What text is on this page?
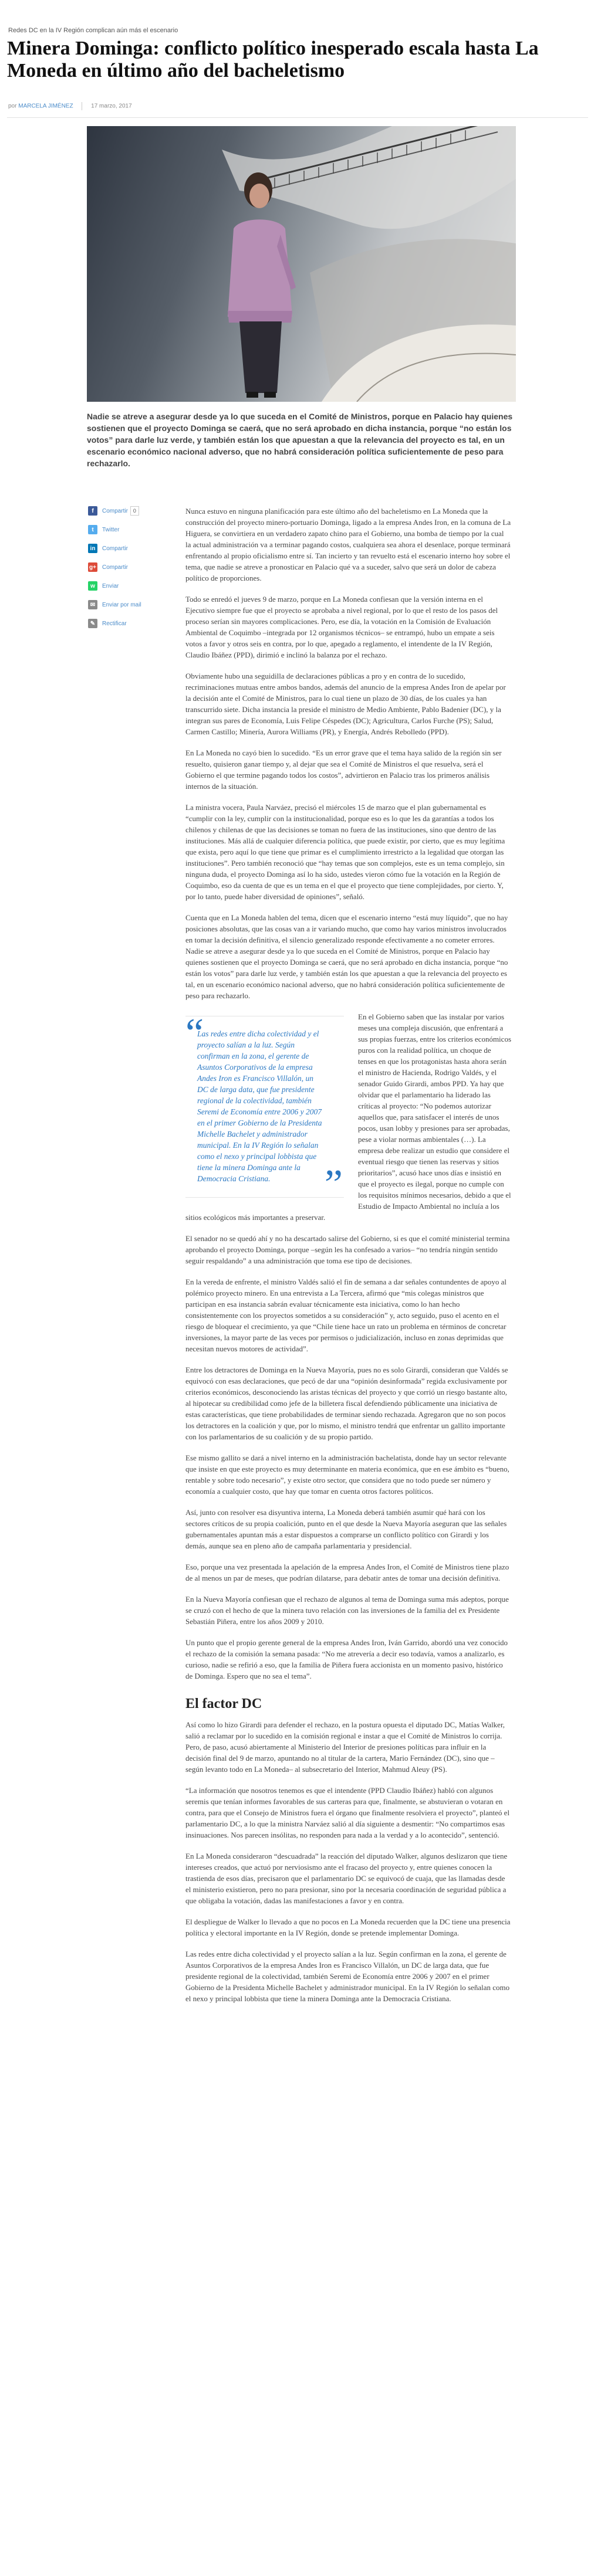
Redes DC en la IV Región complican aún más el escenario
Minera Dominga: conflicto político inesperado escala hasta La Moneda en último año del bacheletismo
por MARCELA JIMÉNEZ	17 marzo, 2017

Nadie se atreve a asegurar desde ya lo que suceda en el Comité de Ministros, porque en Palacio hay quienes sostienen que el proyecto Dominga se caerá, que no será aprobado en dicha instancia, porque “no están los votos” para darle luz verde, y también están los que apuestan a que la relevancia del proyecto es tal, en un escenario económico nacional adverso, que no habrá consideración política suficientemente de peso para rechazarlo.

f	Compartir	0
t	Twitter
in	Compartir
g+ Compartir
w	Enviar
✉	Enviar por mail
✎	Rectificar

Nunca estuvo en ninguna planificación para este último año del bacheletismo en La Moneda que la construcción del proyecto minero-portuario Dominga, ligado a la empresa Andes Iron, en la comuna de La Higuera, se convirtiera en un verdadero zapato chino para el Gobierno, una bomba de tiempo por la cual la actual administración va a terminar pagando costos, cualquiera sea ahora el desenlace, porque terminará enfrentando al propio oficialismo entre sí. Tan incierto y tan revuelto está el escenario interno hoy sobre el tema, que nadie se atreve a pronosticar en Palacio qué va a suceder, salvo que será un dolor de cabeza político de proporciones.

Todo se enredó el jueves 9 de marzo, porque en La Moneda confiesan que la versión interna en el Ejecutivo siempre fue que el proyecto se aprobaba a nivel regional, por lo que el resto de los pasos del proceso serían sin mayores complicaciones. Pero, ese día, la votación en la Comisión de Evaluación Ambiental de Coquimbo –integrada por 12 organismos técnicos– se entrampó, hubo un empate a seis votos a favor y otros seis en contra, por lo que, apegado a reglamento, el intendente de la IV Región, Claudio Ibáñez (PPD), dirimió e inclinó la balanza por el rechazo.

Obviamente hubo una seguidilla de declaraciones públicas a pro y en contra de lo sucedido, recriminaciones mutuas entre ambos bandos, además del anuncio de la empresa Andes Iron de apelar por la decisión ante el Comité de Ministros, para lo cual tiene un plazo de 30 días, de los cuales ya han transcurrido siete. Dicha instancia la preside el ministro de Medio Ambiente, Pablo Badenier (DC), y la integran sus pares de Economía, Luis Felipe Céspedes (DC); Agricultura, Carlos Furche (PS); Salud, Carmen Castillo; Minería, Aurora Williams (PR), y Energía, Andrés Rebolledo (PPD).

En La Moneda no cayó bien lo sucedido. “Es un error grave que el tema haya salido de la región sin ser resuelto, quisieron ganar tiempo y, al dejar que sea el Comité de Ministros el que resuelva, será el Gobierno el que termine pagando todos los costos”, advirtieron en Palacio tras los primeros análisis internos de la situación.

La ministra vocera, Paula Narváez, precisó el miércoles 15 de marzo que el plan gubernamental es “cumplir con la ley, cumplir con la institucionalidad, porque eso es lo que les da garantías a todos los chilenos y chilenas de que las decisiones se toman no fuera de las instituciones, sino que dentro de las instituciones. Más allá de cualquier diferencia política, que puede existir, por cierto, que es muy legítima que exista, pero aquí lo que tiene que primar es el cumplimiento irrestricto a la legalidad que otorgan las instituciones”. Pero también reconoció que “hay temas que son complejos, este es un tema complejo, sin ninguna duda, el proyecto Dominga así lo ha sido, ustedes vieron cómo fue la votación en la Región de Coquimbo, eso da cuenta de que es un tema en el que el proyecto que tiene complejidades, por cierto. Y, por lo tanto, puede haber diversidad de opiniones”, señaló.

Cuenta que en La Moneda hablen del tema, dicen que el escenario interno “está muy líquido”, que no hay posiciones absolutas, que las cosas van a ir variando mucho, que como hay varios ministros involucrados en tomar la decisión definitiva, el silencio generalizado responde efectivamente a no cometer errores. Nadie se atreve a asegurar desde ya lo que suceda en el Comité de Ministros, porque en Palacio hay quienes sostienen que el proyecto Dominga se caerá, que no será aprobado en dicha instancia, porque “no están los votos” para darle luz verde, y también están los que apuestan a que la relevancia del proyecto es tal, en un escenario económico nacional adverso, que no habrá consideración política suficientemente de peso para rechazarlo.

“
Las redes entre dicha colectividad y el proyecto salían a la luz. Según confirman en la zona, el gerente de Asuntos Corporativos de la empresa Andes Iron es Francisco Villalón, un DC de larga data, que fue presidente regional de la colectividad, también Seremi de Economía entre 2006 y 2007 en el primer Gobierno de la Presidenta Michelle Bachelet y administrador municipal. En la IV Región lo señalan como el nexo y principal lobbista que tiene la minera Dominga ante la Democracia Cristiana.	”

En el Gobierno saben que las instalar por varios meses una compleja discusión, que enfrentará a sus propias fuerzas, entre los criterios económicos puros con la realidad política, un choque de tenses en que los protagonistas hasta ahora serán el ministro de Hacienda, Rodrigo Valdés, y el senador Guido Girardi, ambos PPD. Ya hay que olvidar que el parlamentario ha liderado las críticas al proyecto: “No podemos autorizar aquellos que, para satisfacer el interés de unos pocos, usan lobby y presiones para ser aprobadas, pese a violar normas ambientales (…). La empresa debe realizar un estudio que considere el eventual riesgo que tienen las reservas y sitios prioritarios”, acusó hace unos días e insistió en que el proyecto es ilegal, porque no cumple con los requisitos mínimos necesarios, debido a que el Estudio de Impacto Ambiental no incluía a los sitios ecológicos más importantes a preservar.

El senador no se quedó ahí y no ha descartado salirse del Gobierno, si es que el comité ministerial termina aprobando el proyecto Dominga, porque –según les ha confesado a varios– “no tendría ningún sentido seguir respaldando” a una administración que toma ese tipo de decisiones.

En la vereda de enfrente, el ministro Valdés salió el fin de semana a dar señales contundentes de apoyo al polémico proyecto minero. En una entrevista a La Tercera, afirmó que “mis colegas ministros que participan en esa instancia sabrán evaluar técnicamente esta iniciativa, como lo han hecho consistentemente con los proyectos sometidos a su consideración” y, acto seguido, puso el acento en el riesgo de bloquear el crecimiento, ya que “Chile tiene hace un rato un problema en términos de concretar inversiones, la mayor parte de las veces por permisos o judicialización, incluso en zonas deprimidas que necesitan nuevos motores de actividad”.

Entre los detractores de Dominga en la Nueva Mayoría, pues no es solo Girardi, consideran que Valdés se equivocó con esas declaraciones, que pecó de dar una “opinión desinformada” regida exclusivamente por criterios económicos, desconociendo las aristas técnicas del proyecto y que corrió un riesgo bastante alto, al hipotecar su credibilidad como jefe de la billetera fiscal defendiendo públicamente una iniciativa de estas características, que tiene probabilidades de terminar siendo rechazada. Agregaron que no son pocos los detractores en la coalición y que, por lo mismo, el ministro tendrá que enfrentar un gallito importante con los parlamentarios de su coalición y de su propio partido.

Ese mismo gallito se dará a nivel interno en la administración bachelatista, donde hay un sector relevante que insiste en que este proyecto es muy determinante en materia económica, que en ese ámbito es “bueno, rentable y sobre todo necesario”, y existe otro sector, que considera que no todo puede ser número y economía a cualquier costo, que hay que tomar en cuenta otros factores políticos.

Así, junto con resolver esa disyuntiva interna, La Moneda deberá también asumir qué hará con los sectores críticos de su propia coalición, punto en el que desde la Nueva Mayoría aseguran que las señales gubernamentales apuntan más a estar dispuestos a comprarse un conflicto político con Girardi y los demás, aunque sea en pleno año de campaña parlamentaria y presidencial.

Eso, porque una vez presentada la apelación de la empresa Andes Iron, el Comité de Ministros tiene plazo de al menos un par de meses, que podrían dilatarse, para debatir antes de tomar una decisión definitiva.

En la Nueva Mayoría confiesan que el rechazo de algunos al tema de Dominga suma más adeptos, porque se cruzó con el hecho de que la minera tuvo relación con las inversiones de la familia del ex Presidente Sebastián Piñera, entre los años 2009 y 2010.

Un punto que el propio gerente general de la empresa Andes Iron, Iván Garrido, abordó una vez conocido el rechazo de la comisión la semana pasada: “No me atrevería a decir eso todavía, vamos a analizarlo, es curioso, nadie se refirió a eso, que la familia de Piñera fuera accionista en un momento pasivo, histórico de Dominga. Espero que no sea el tema”.

El factor DC

Así como lo hizo Girardi para defender el rechazo, en la postura opuesta el diputado DC, Matías Walker, salió a reclamar por lo sucedido en la comisión regional e instar a que el Comité de Ministros lo corrija. Pero, de paso, acusó abiertamente al Ministerio del Interior de presiones políticas para influir en la decisión final del 9 de marzo, apuntando no al titular de la cartera, Mario Fernández (DC), sino que –según levanto todo en La Moneda– al subsecretario del Interior, Mahmud Aleuy (PS).

“La información que nosotros tenemos es que el intendente (PPD Claudio Ibáñez) habló con algunos seremis que tenían informes favorables de sus carteras para que, finalmente, se abstuvieran o votaran en contra, para que el Consejo de Ministros fuera el órgano que finalmente resolviera el proyecto”, planteó el parlamentario DC, a lo que la ministra Narváez salió al día siguiente a desmentir: “No compartimos esas insinuaciones. Nos parecen insólitas, no responden para nada a la verdad y a lo acontecido”, sentenció.

En La Moneda consideraron “descuadrada” la reacción del diputado Walker, algunos deslizaron que tiene intereses creados, que actuó por nerviosismo ante el fracaso del proyecto y, entre quienes conocen la trastienda de esos días, precisaron que el parlamentario DC se equivocó de cuaja, que las llamadas desde el ministerio existieron, pero no para presionar, sino por la necesaria coordinación de seguridad pública a que obligaba la votación, dadas las manifestaciones a favor y en contra.

El despliegue de Walker lo llevado a que no pocos en La Moneda recuerden que la DC tiene una presencia política y electoral importante en la IV Región, donde se pretende implementar Dominga.

Las redes entre dicha colectividad y el proyecto salían a la luz. Según confirman en la zona, el gerente de Asuntos Corporativos de la empresa Andes Iron es Francisco Villalón, un DC de larga data, que fue presidente regional de la colectividad, también Seremi de Economía entre 2006 y 2007 en el primer Gobierno de la Presidenta Michelle Bachelet y administrador municipal. En la IV Región lo señalan como el nexo y principal lobbista que tiene la minera Dominga ante la Democracia Cristiana.
